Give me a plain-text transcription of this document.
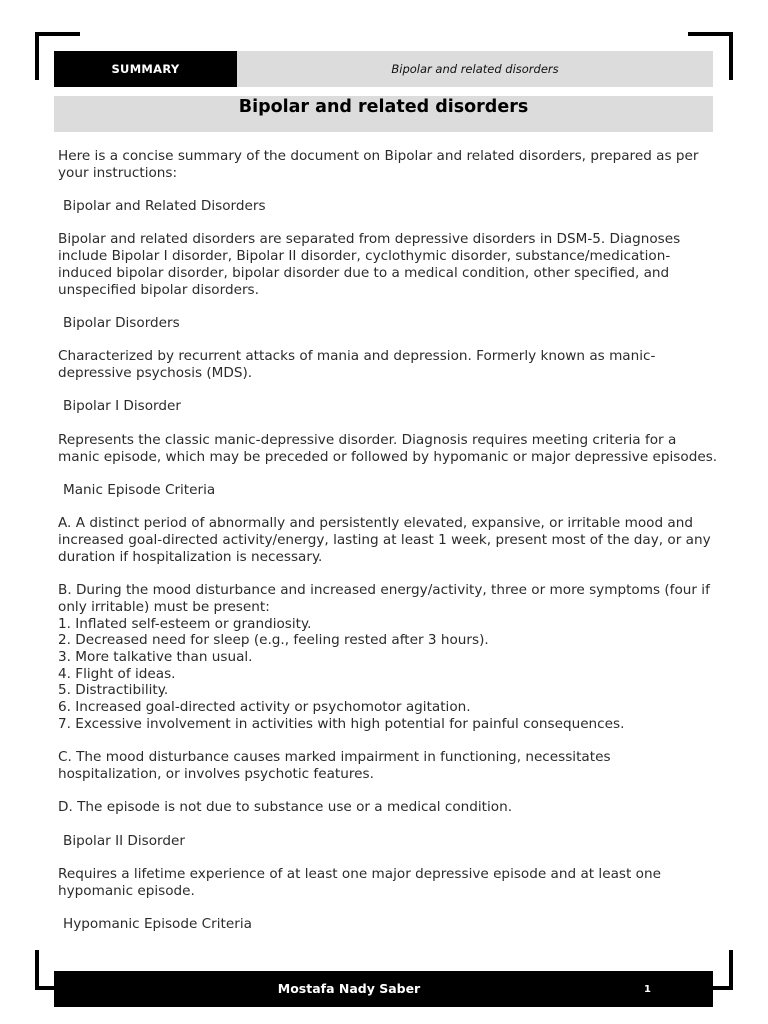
SUMMARY	Bipolar and related disorders
Bipolar and related disorders

Here is a concise summary of the document on Bipolar and related disorders, prepared as per your instructions:

Bipolar and Related Disorders

Bipolar and related disorders are separated from depressive disorders in DSM-5. Diagnoses include Bipolar I disorder, Bipolar II disorder, cyclothymic disorder, substance/medication-induced bipolar disorder, bipolar disorder due to a medical condition, other specified, and unspecified bipolar disorders.

Bipolar Disorders

Characterized by recurrent attacks of mania and depression. Formerly known as manic-depressive psychosis (MDS).

Bipolar I Disorder

Represents the classic manic-depressive disorder. Diagnosis requires meeting criteria for a manic episode, which may be preceded or followed by hypomanic or major depressive episodes.

Manic Episode Criteria

A. A distinct period of abnormally and persistently elevated, expansive, or irritable mood and increased goal-directed activity/energy, lasting at least 1 week, present most of the day, or any duration if hospitalization is necessary.

B. During the mood disturbance and increased energy/activity, three or more symptoms (four if only irritable) must be present:

1. Inflated self-esteem or grandiosity.
2. Decreased need for sleep (e.g., feeling rested after 3 hours).
3. More talkative than usual.
4. Flight of ideas.
5. Distractibility.
6. Increased goal-directed activity or psychomotor agitation.
7. Excessive involvement in activities with high potential for painful consequences.

C. The mood disturbance causes marked impairment in functioning, necessitates hospitalization, or involves psychotic features.

D. The episode is not due to substance use or a medical condition.

Bipolar II Disorder

Requires a lifetime experience of at least one major depressive episode and at least one hypomanic episode.

Hypomanic Episode Criteria

Mostafa Nady Saber	1
